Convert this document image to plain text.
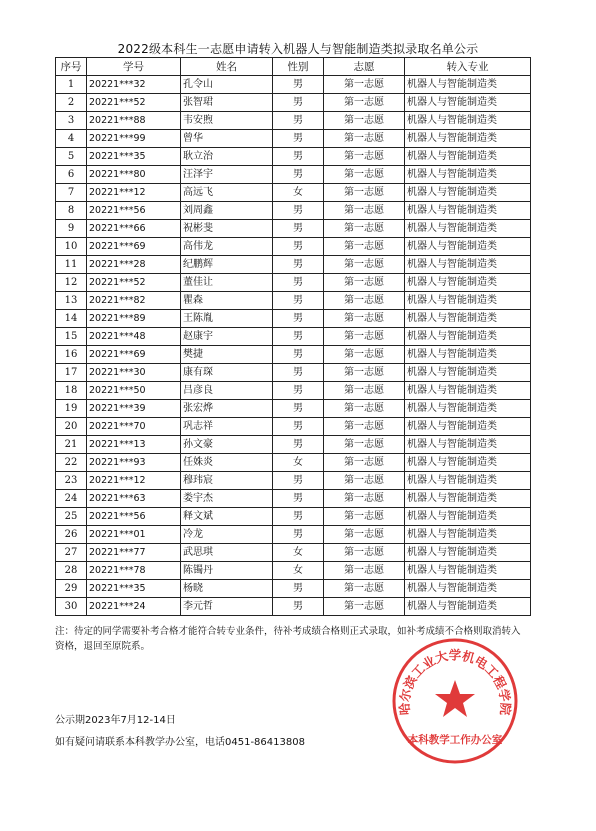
2022级本科生一志愿申请转入机器人与智能制造类拟录取名单公示
序号	学号	姓名	性别	志愿	转入专业
1	20221***32	孔令山	男	第一志愿	机器人与智能制造类
2	20221***52	张智珺	男	第一志愿	机器人与智能制造类
3	20221***88	韦安煦	男	第一志愿	机器人与智能制造类
4	20221***99	曾华	男	第一志愿	机器人与智能制造类
5	20221***35	耿立治	男	第一志愿	机器人与智能制造类
6	20221***80	汪泽宇	男	第一志愿	机器人与智能制造类
7	20221***12	高远飞	女	第一志愿	机器人与智能制造类
8	20221***56	刘周鑫	男	第一志愿	机器人与智能制造类
9	20221***66	祝彬斐	男	第一志愿	机器人与智能制造类
10	20221***69	高伟龙	男	第一志愿	机器人与智能制造类
11	20221***28	纪鹏辉	男	第一志愿	机器人与智能制造类
12	20221***52	董佳让	男	第一志愿	机器人与智能制造类
13	20221***82	瞿森	男	第一志愿	机器人与智能制造类
14	20221***89	王陈胤	男	第一志愿	机器人与智能制造类
15	20221***48	赵康宇	男	第一志愿	机器人与智能制造类
16	20221***69	樊捷	男	第一志愿	机器人与智能制造类
17	20221***30	康有琛	男	第一志愿	机器人与智能制造类
18	20221***50	吕彦良	男	第一志愿	机器人与智能制造类
19	20221***39	张宏烨	男	第一志愿	机器人与智能制造类
20	20221***70	巩志祥	男	第一志愿	机器人与智能制造类
21	20221***13	孙文豪	男	第一志愿	机器人与智能制造类
22	20221***93	任姝炎	女	第一志愿	机器人与智能制造类
23	20221***12	穆玮宸	男	第一志愿	机器人与智能制造类
24	20221***63	娄宇杰	男	第一志愿	机器人与智能制造类
25	20221***56	释文斌	男	第一志愿	机器人与智能制造类
26	20221***01	冷龙	男	第一志愿	机器人与智能制造类
27	20221***77	武思琪	女	第一志愿	机器人与智能制造类
28	20221***78	陈镯丹	女	第一志愿	机器人与智能制造类
29	20221***35	杨晓	男	第一志愿	机器人与智能制造类
30	20221***24	李元哲	男	第一志愿	机器人与智能制造类
注：待定的同学需要补考合格才能符合转专业条件，待补考成绩合格则正式录取，如补考成绩不合格则取消转入资格，退回至原院系。
公示期2023年7月12-14日
如有疑问请联系本科教学办公室，电话0451-86413808
哈尔滨工业大学机电工程学院
本科教学工作办公室
